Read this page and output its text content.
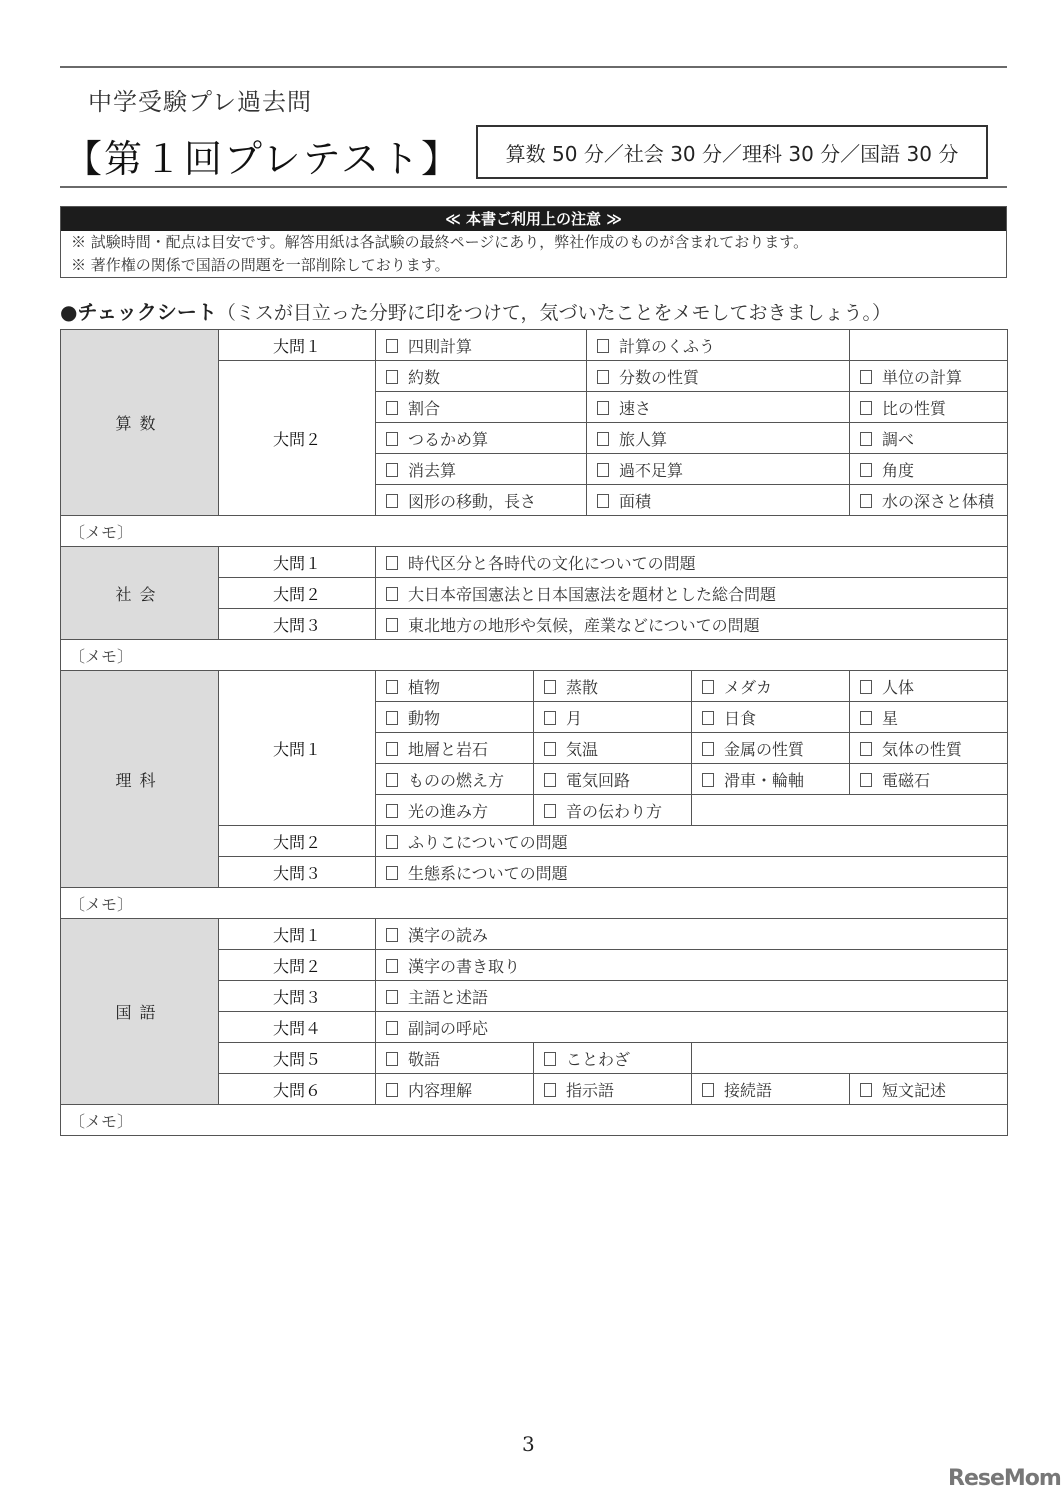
中学受験プレ過去問
【第１回プレテスト】	算数 50 分／社会 30 分／理科 30 分／国語 30 分
≪ 本書ご利用上の注意 ≫
※ 試験時間・配点は目安です。解答用紙は各試験の最終ページにあり，弊社作成のものが含まれております。
※ 著作権の関係で国語の問題を一部削除しております。
●チェックシート（ミスが目立った分野に印をつけて，気づいたことをメモしておきましょう。）
算数	大問１	四則計算		計算のくふう		
	大問２	約数		分数の性質		単位の計算
		割合		速さ		比の性質
		つるかめ算		旅人算		調べ
		消去算		過不足算		角度
		図形の移動，長さ		面積		水の深さと体積
〔メモ〕						
社会	大問１	時代区分と各時代の文化についての問題				
	大問２	大日本帝国憲法と日本国憲法を題材とした総合問題				
	大問３	東北地方の地形や気候，産業などについての問題				
〔メモ〕						
理科	大問１	植物	蒸散		メダカ	人体
		動物	月		日食	星
		地層と岩石	気温		金属の性質	気体の性質
		ものの燃え方	電気回路		滑車・輪軸	電磁石
		光の進み方	音の伝わり方			
	大問２	ふりこについての問題				
	大問３	生態系についての問題				
〔メモ〕						
国語	大問１	漢字の読み				
	大問２	漢字の書き取り				
	大問３	主語と述語				
	大問４	副詞の呼応				
	大問５	敬語	ことわざ			
	大問６	内容理解	指示語		接続語	短文記述
〔メモ〕						
3
ReseMom
